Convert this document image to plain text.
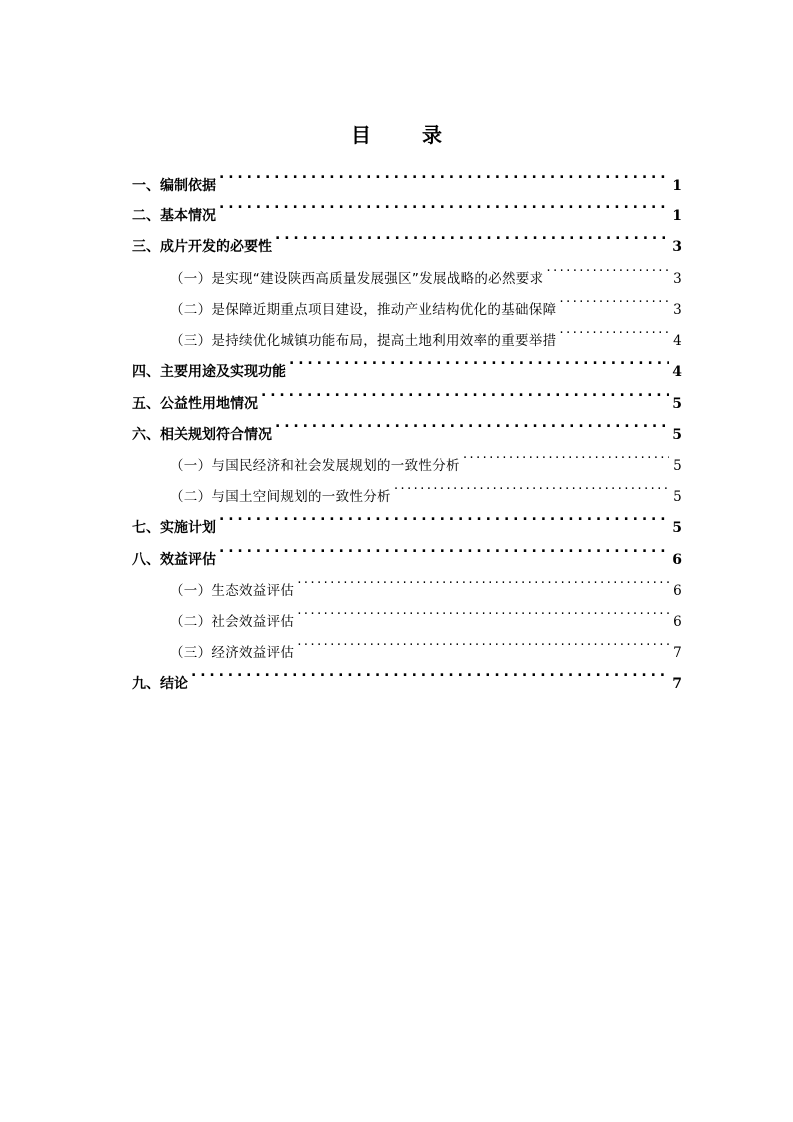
目 录
一、编制依据 . . .	1
二、基本情况 . . .	1
三、成片开发的必要性 . . .	3
（一）是实现“建设陕西高质量发展强区”发展战略的必然要求 . . .	3
（二）是保障近期重点项目建设，推动产业结构优化的基础保障 . . .	3
（三）是持续优化城镇功能布局，提高土地利用效率的重要举措 . . .	4
四、主要用途及实现功能 . . .	4
五、公益性用地情况 . . .	5
六、相关规划符合情况 . . .	5
（一）与国民经济和社会发展规划的一致性分析 . . .	5
（二）与国土空间规划的一致性分析 . . .	5
七、实施计划 . . .	5
八、效益评估 . . .	6
（一）生态效益评估 . . .	6
（二）社会效益评估 . . .	6
（三）经济效益评估 . . .	7
九、结论 . . .	7
